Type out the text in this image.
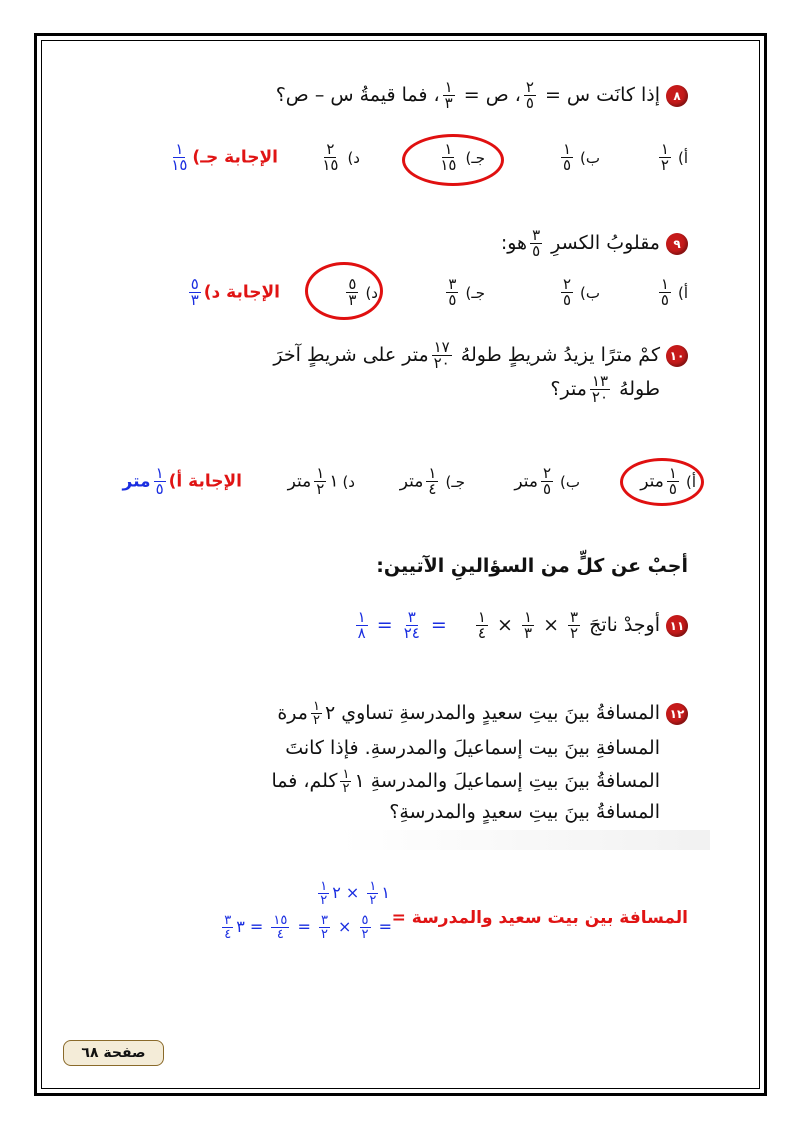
٨إذا كانَت س =
$\frac{٢}{٥}$
، ص =
$\frac{١}{٣}$
، فما قيمةُ س – ص؟
أ)
$\frac{١}{٢}$
ب)
$\frac{١}{٥}$
جـ)
$\frac{١}{١٥}$
د)
$\frac{٢}{١٥}$
الإجابة جـ)
$\frac{١}{١٥}$
٩مقلوبُ الكسرِ
$\frac{٣}{٥}$
هو:
أ)
$\frac{١}{٥}$
ب)
$\frac{٢}{٥}$
جـ)
$\frac{٣}{٥}$
د)
$\frac{٥}{٣}$
الإجابة د)
$\frac{٥}{٣}$
١٠كمْ مترًا يزيدُ شريطٍ طولهُ
$\frac{١٧}{٢٠}$
متر على شريطٍ آخرَ
طولهُ
$\frac{١٣}{٢٠}$
متر؟
أ)
$\frac{١}{٥}$
متر
ب)
$\frac{٢}{٥}$
متر
جـ)
$\frac{١}{٤}$
متر
د)١
$\frac{١}{٢}$
متر
الإجابة أ)
$\frac{١}{٥}$
متر
أجبْ عن كلٍّ من السؤالينِ الآتيين:
١١أوجدْ ناتجَ
$\frac{٣}{٢}$
×
$\frac{١}{٣}$
×
$\frac{١}{٤}$
=
$\frac{٣}{٢٤}$
=
$\frac{١}{٨}$
١٢المسافةُ بينَ بيتِ سعيدٍ والمدرسةِ تساوي ٢
$\frac{١}{٢}$
مرة
المسافةِ بينَ بيت إسماعيلَ والمدرسةِ. فإذا كانتَ
المسافةُ بينَ بيتِ إسماعيلَ والمدرسةِ ١
$\frac{١}{٢}$
كلم، فما
المسافةُ بينَ بيتِ سعيدٍ والمدرسةِ؟
المسافة بين بيت سعيد والمدرسة =
١
$\frac{١}{٢}$
× ٢
$\frac{١}{٢}$
=
$\frac{٥}{٢}$
×
$\frac{٣}{٢}$
=
$\frac{١٥}{٤}$
= ٣
$\frac{٣}{٤}$
صفحة ٦٨
